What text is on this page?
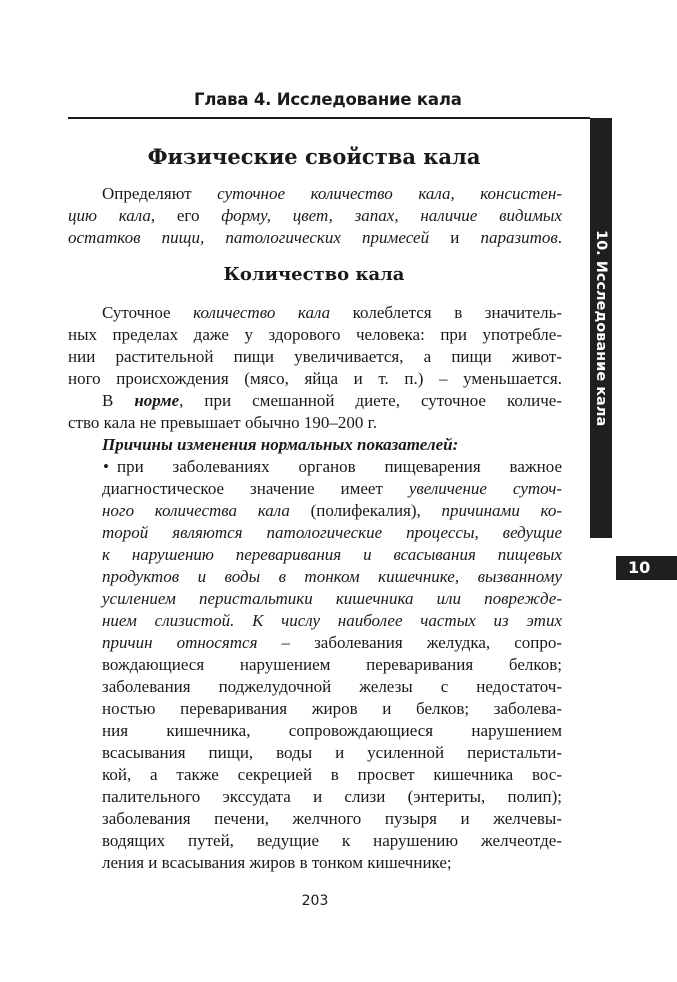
Глава 4. Исследование кала
10. Исследование кала
10
Физические свойства кала
Определяют суточное количество кала, консистен-
цию кала, его форму, цвет, запах, наличие видимых
остатков пищи, патологических примесей и паразитов.
Количество кала
Суточное количество кала колеблется в значитель-
ных пределах даже у здорового человека: при употребле-
нии растительной пищи увеличивается, а пищи живот-
ного происхождения (мясо, яйца и т. п.) – уменьшается.
В норме, при смешанной диете, суточное количе-
ство кала не превышает обычно 190–200 г.
Причины изменения нормальных показателей:
• при заболеваниях органов пищеварения важное
диагностическое значение имеет увеличение суточ-
ного количества кала (полифекалия), причинами ко-
торой являются патологические процессы, ведущие
к нарушению переваривания и всасывания пищевых
продуктов и воды в тонком кишечнике, вызванному
усилением перистальтики кишечника или поврежде-
нием слизистой. К числу наиболее частых из этих
причин относятся – заболевания желудка, сопро-
вождающиеся нарушением переваривания белков;
заболевания поджелудочной железы с недостаточ-
ностью переваривания жиров и белков; заболева-
ния кишечника, сопровождающиеся нарушением
всасывания пищи, воды и усиленной перистальти-
кой, а также секрецией в просвет кишечника вос-
палительного экссудата и слизи (энтериты, полип);
заболевания печени, желчного пузыря и желчевы-
водящих путей, ведущие к нарушению желчеотде-
ления и всасывания жиров в тонком кишечнике;
203
